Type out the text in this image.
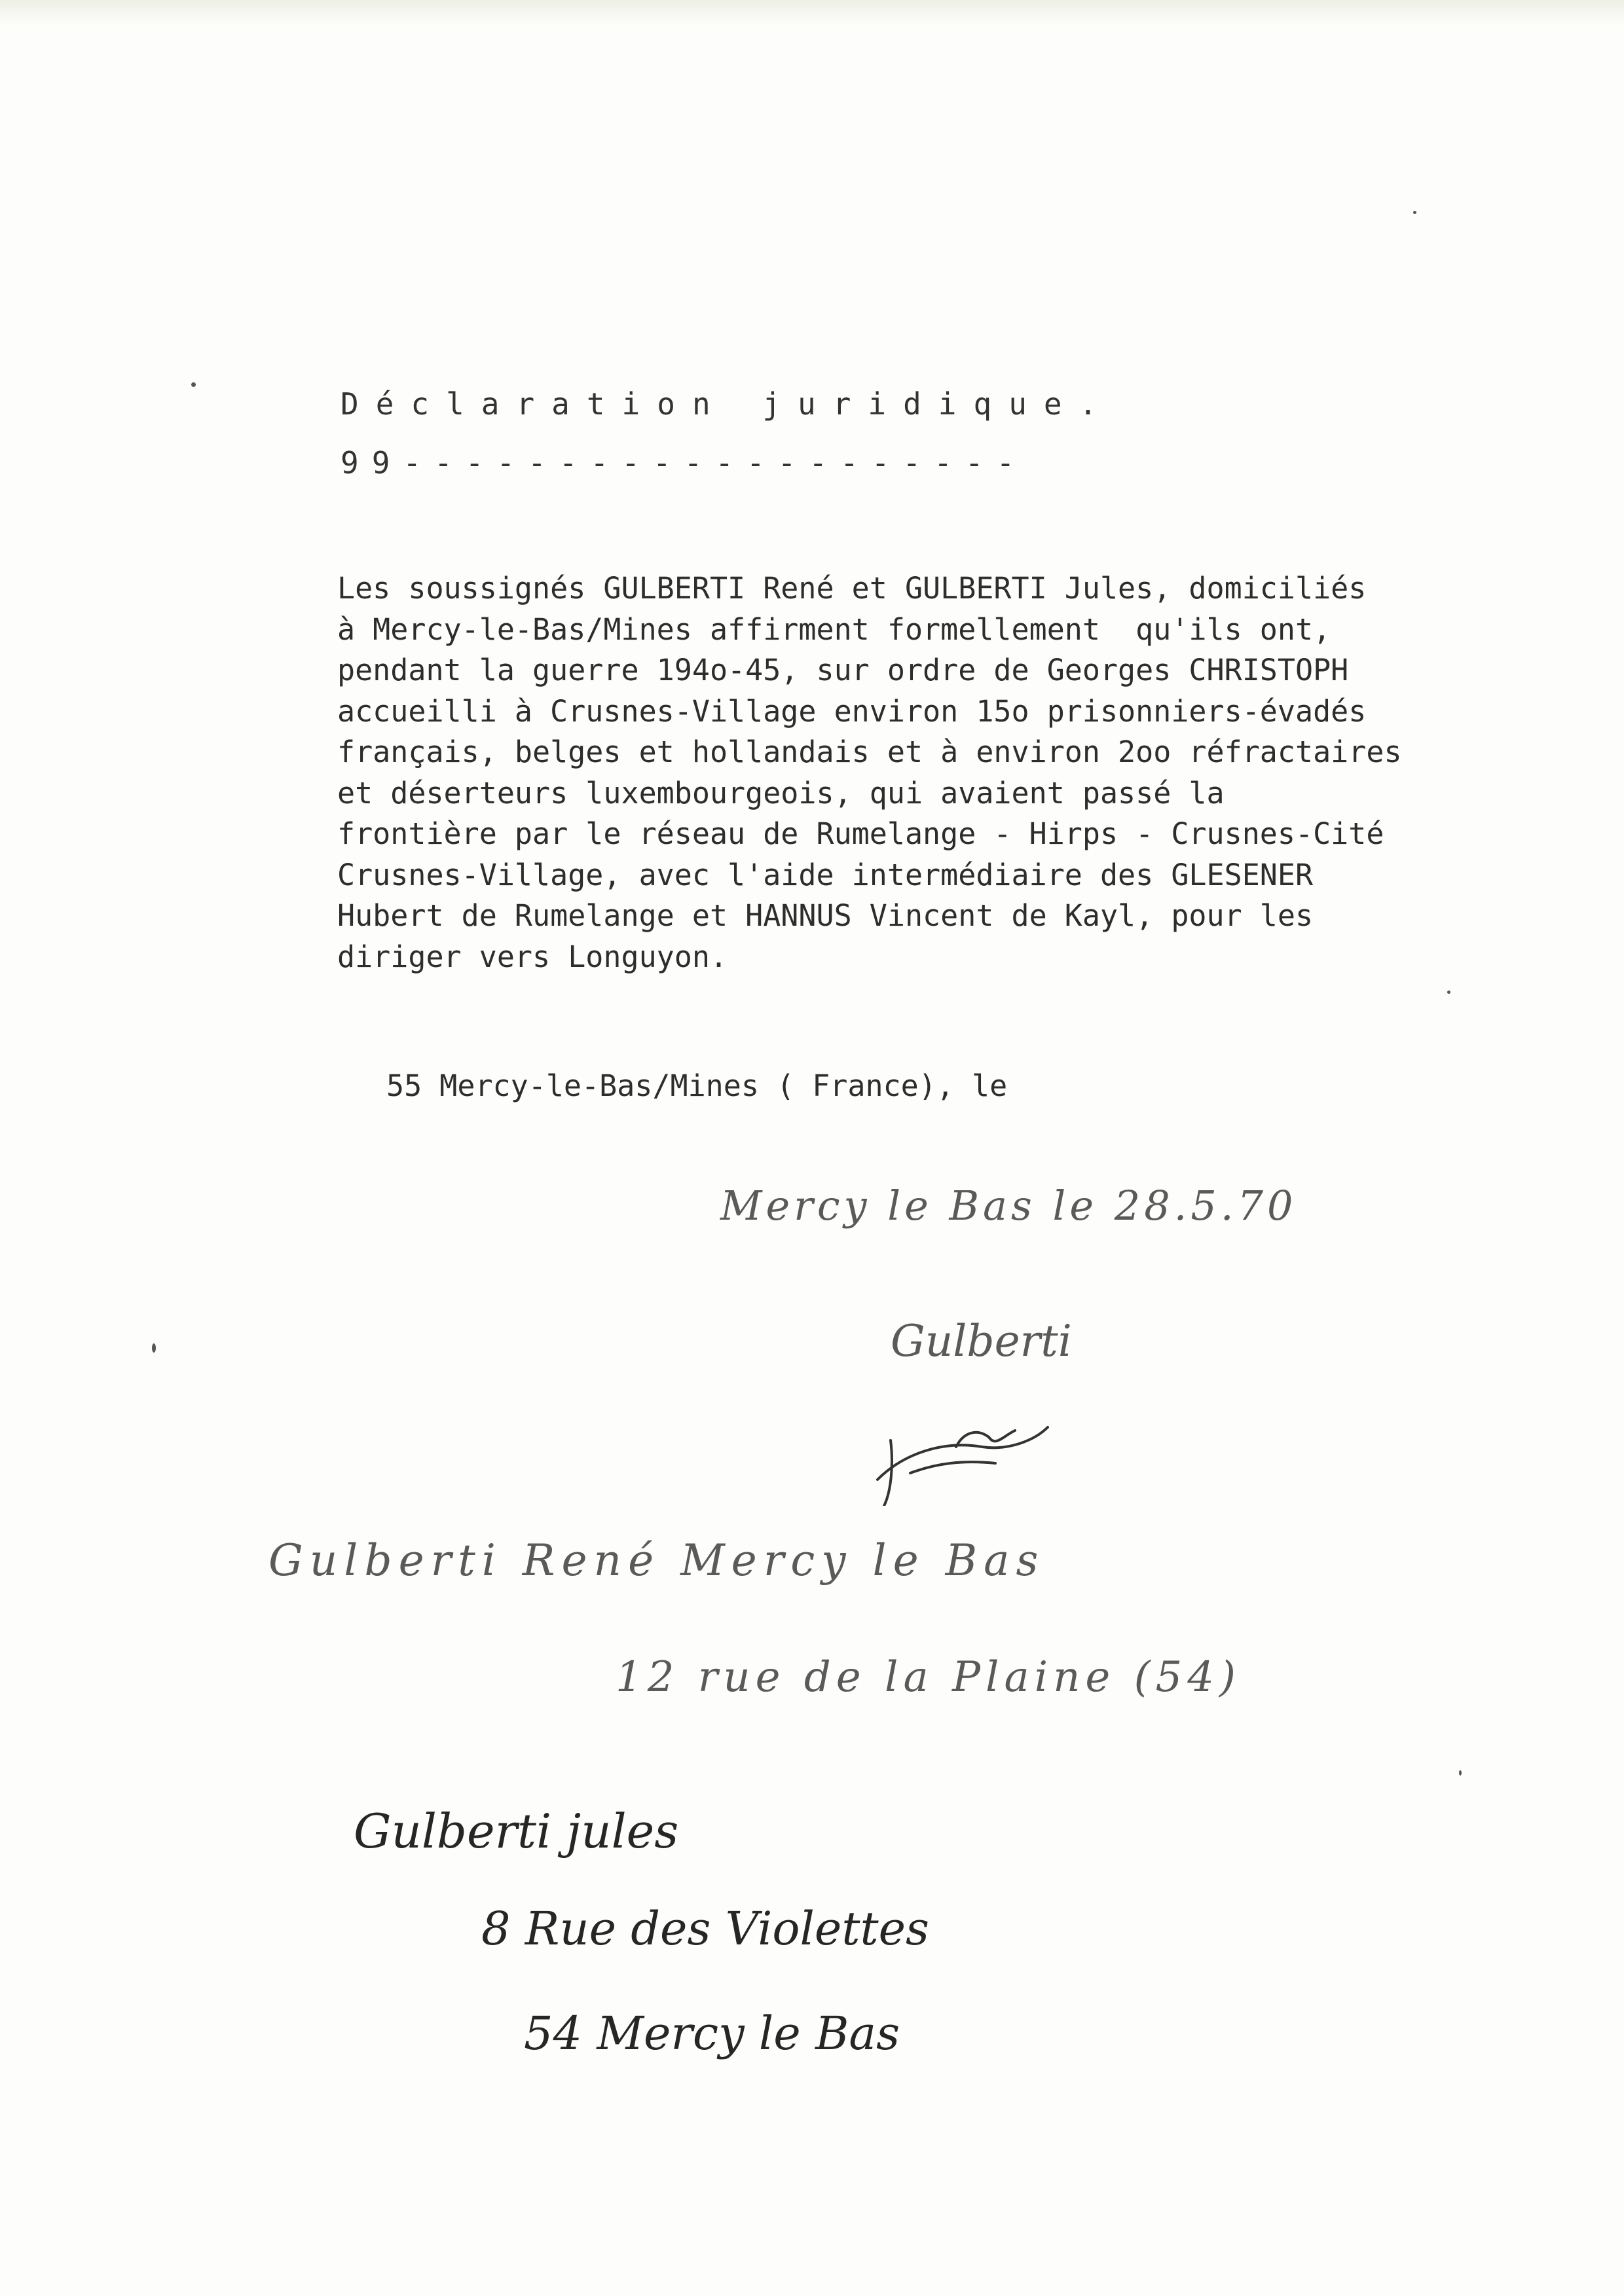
Déclaration juridique.
99--------------------
Les soussignés GULBERTI René et GULBERTI Jules, domiciliés
à Mercy-le-Bas/Mines affirment formellement  qu'ils ont,
pendant la guerre 194o-45, sur ordre de Georges CHRISTOPH
accueilli à Crusnes-Village environ 15o prisonniers-évadés
français, belges et hollandais et à environ 2oo réfractaires
et déserteurs luxembourgeois, qui avaient passé la
frontière par le réseau de Rumelange - Hirps - Crusnes-Cité
Crusnes-Village, avec l'aide intermédiaire des GLESENER
Hubert de Rumelange et HANNUS Vincent de Kayl, pour les
diriger vers Longuyon.
55 Mercy-le-Bas/Mines ( France), le
Mercy le Bas le 28.5.70
Gulberti
Gulberti René Mercy le Bas
12 rue de la Plaine (54)
Gulberti jules
8 Rue des Violettes
54 Mercy le Bas
